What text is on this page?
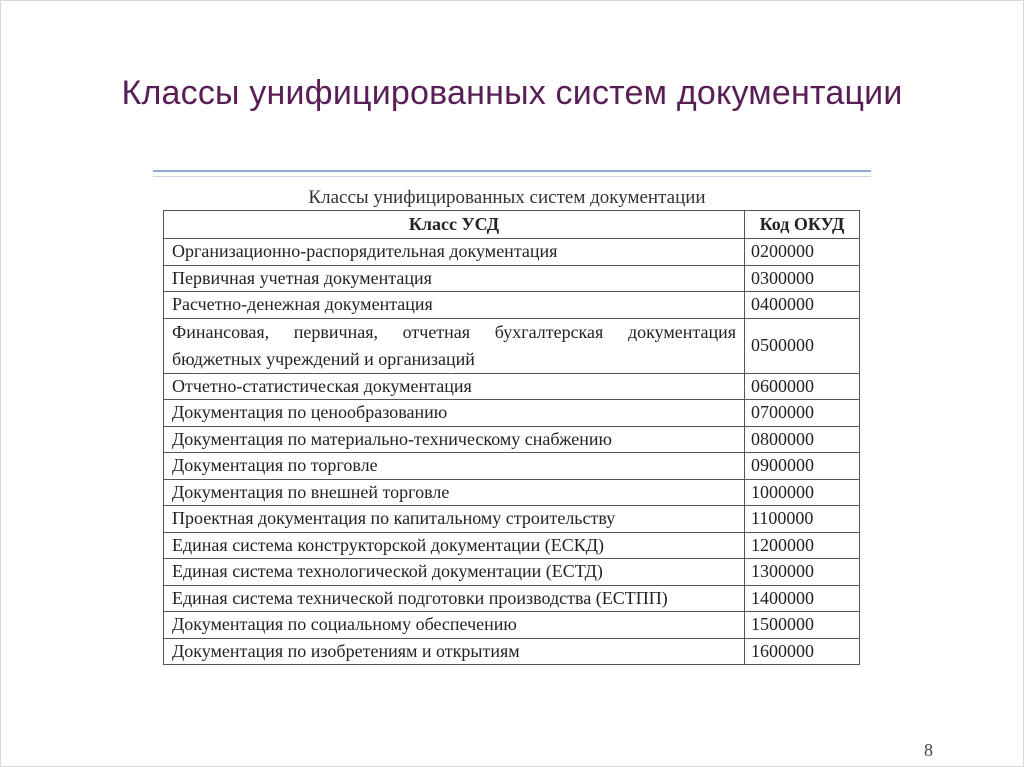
Классы унифицированных систем документации
Классы унифицированных систем документации
Класс УСД	Код ОКУД
Организационно-распорядительная документация	0200000
Первичная учетная документация	0300000
Расчетно-денежная документация	0400000
Финансовая, первичная, отчетная бухгалтерская документация бюджетных учреждений и организаций	0500000
Отчетно-статистическая документация	0600000
Документация по ценообразованию	0700000
Документация по материально-техническому снабжению	0800000
Документация по торговле	0900000
Документация по внешней торговле	1000000
Проектная документация по капитальному строительству	1100000
Единая система конструкторской документации (ЕСКД)	1200000
Единая система технологической документации (ЕСТД)	1300000
Единая система технической подготовки производства (ЕСТПП)	1400000
Документация по социальному обеспечению	1500000
Документация по изобретениям и открытиям	1600000
8
